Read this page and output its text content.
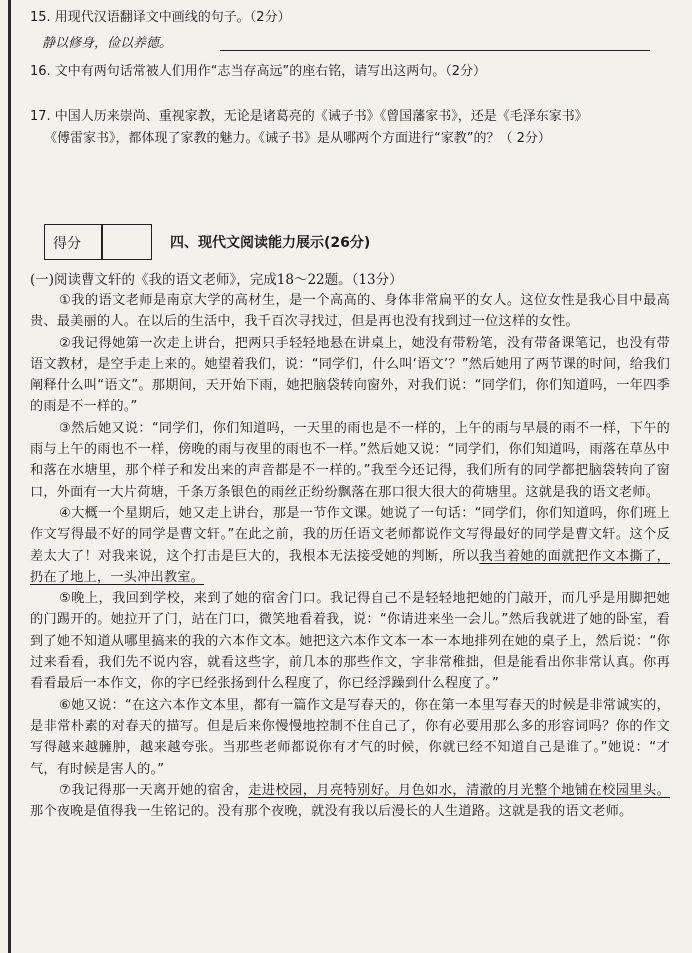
15. 用现代汉语翻译文中画线的句子。（2分）
静以修身，俭以养德。
16. 文中有两句话常被人们用作“志当存高远”的座右铭，请写出这两句。（2分）
17. 中国人历来崇尚、重视家教，无论是诸葛亮的《诫子书》《曾国藩家书》，还是《毛泽东家书》
《傅雷家书》，都体现了家教的魅力。《诫子书》是从哪两个方面进行“家教”的？（ 2分）
得分	四、现代文阅读能力展示(26分)
(一)阅读曹文轩的《我的语文老师》，完成18～22题。（13分）

①我的语文老师是南京大学的高材生，是一个高高的、身体非常扁平的女人。这位女性是我心目中最高贵、最美丽的人。在以后的生活中，我千百次寻找过，但是再也没有找到过一位这样的女性。

②我记得她第一次走上讲台，把两只手轻轻地悬在讲桌上，她没有带粉笔，没有带备课笔记，也没有带语文教材，是空手走上来的。她望着我们，说：“同学们，什么叫‘语文’？”然后她用了两节课的时间，给我们阐释什么叫“语文”。那期间，天开始下雨，她把脑袋转向窗外，对我们说：“同学们，你们知道吗，一年四季的雨是不一样的。”

③然后她又说：“同学们，你们知道吗，一天里的雨也是不一样的，上午的雨与早晨的雨不一样，下午的雨与上午的雨也不一样，傍晚的雨与夜里的雨也不一样。”然后她又说：“同学们，你们知道吗，雨落在草丛中和落在水塘里，那个样子和发出来的声音都是不一样的。”我至今还记得，我们所有的同学都把脑袋转向了窗口，外面有一大片荷塘，千条万条银色的雨丝正纷纷飘落在那口很大很大的荷塘里。这就是我的语文老师。

④大概一个星期后，她又走上讲台，那是一节作文课。她说了一句话：“同学们，你们知道吗，你们班上作文写得最不好的同学是曹文轩。”在此之前，我的历任语文老师都说作文写得最好的同学是曹文轩。这个反差太大了！对我来说，这个打击是巨大的，我根本无法接受她的判断，所以我当着她的面就把作文本撕了，扔在了地上，一头冲出教室。

⑤晚上，我回到学校，来到了她的宿舍门口。我记得自己不是轻轻地把她的门敲开，而几乎是用脚把她的门踢开的。她拉开了门，站在门口，微笑地看着我，说：“你请进来坐一会儿。”然后我就进了她的卧室，看到了她不知道从哪里搞来的我的六本作文本。她把这六本作文本一本一本地排列在她的桌子上，然后说：“你过来看看，我们先不说内容，就看这些字，前几本的那些作文，字非常稚拙，但是能看出你非常认真。你再看看最后一本作文，你的字已经张扬到什么程度了，你已经浮躁到什么程度了。”

⑥她又说：“在这六本作文本里，都有一篇作文是写春天的，你在第一本里写春天的时候是非常诚实的，是非常朴素的对春天的描写。但是后来你慢慢地控制不住自己了，你有必要用那么多的形容词吗？你的作文写得越来越臃肿，越来越夸张。当那些老师都说你有才气的时候，你就已经不知道自己是谁了。”她说：“才气，有时候是害人的。”

⑦我记得那一天离开她的宿舍，走进校园，月亮特别好。月色如水，清澈的月光整个地铺在校园里头。那个夜晚是值得我一生铭记的。没有那个夜晚，就没有我以后漫长的人生道路。这就是我的语文老师。
